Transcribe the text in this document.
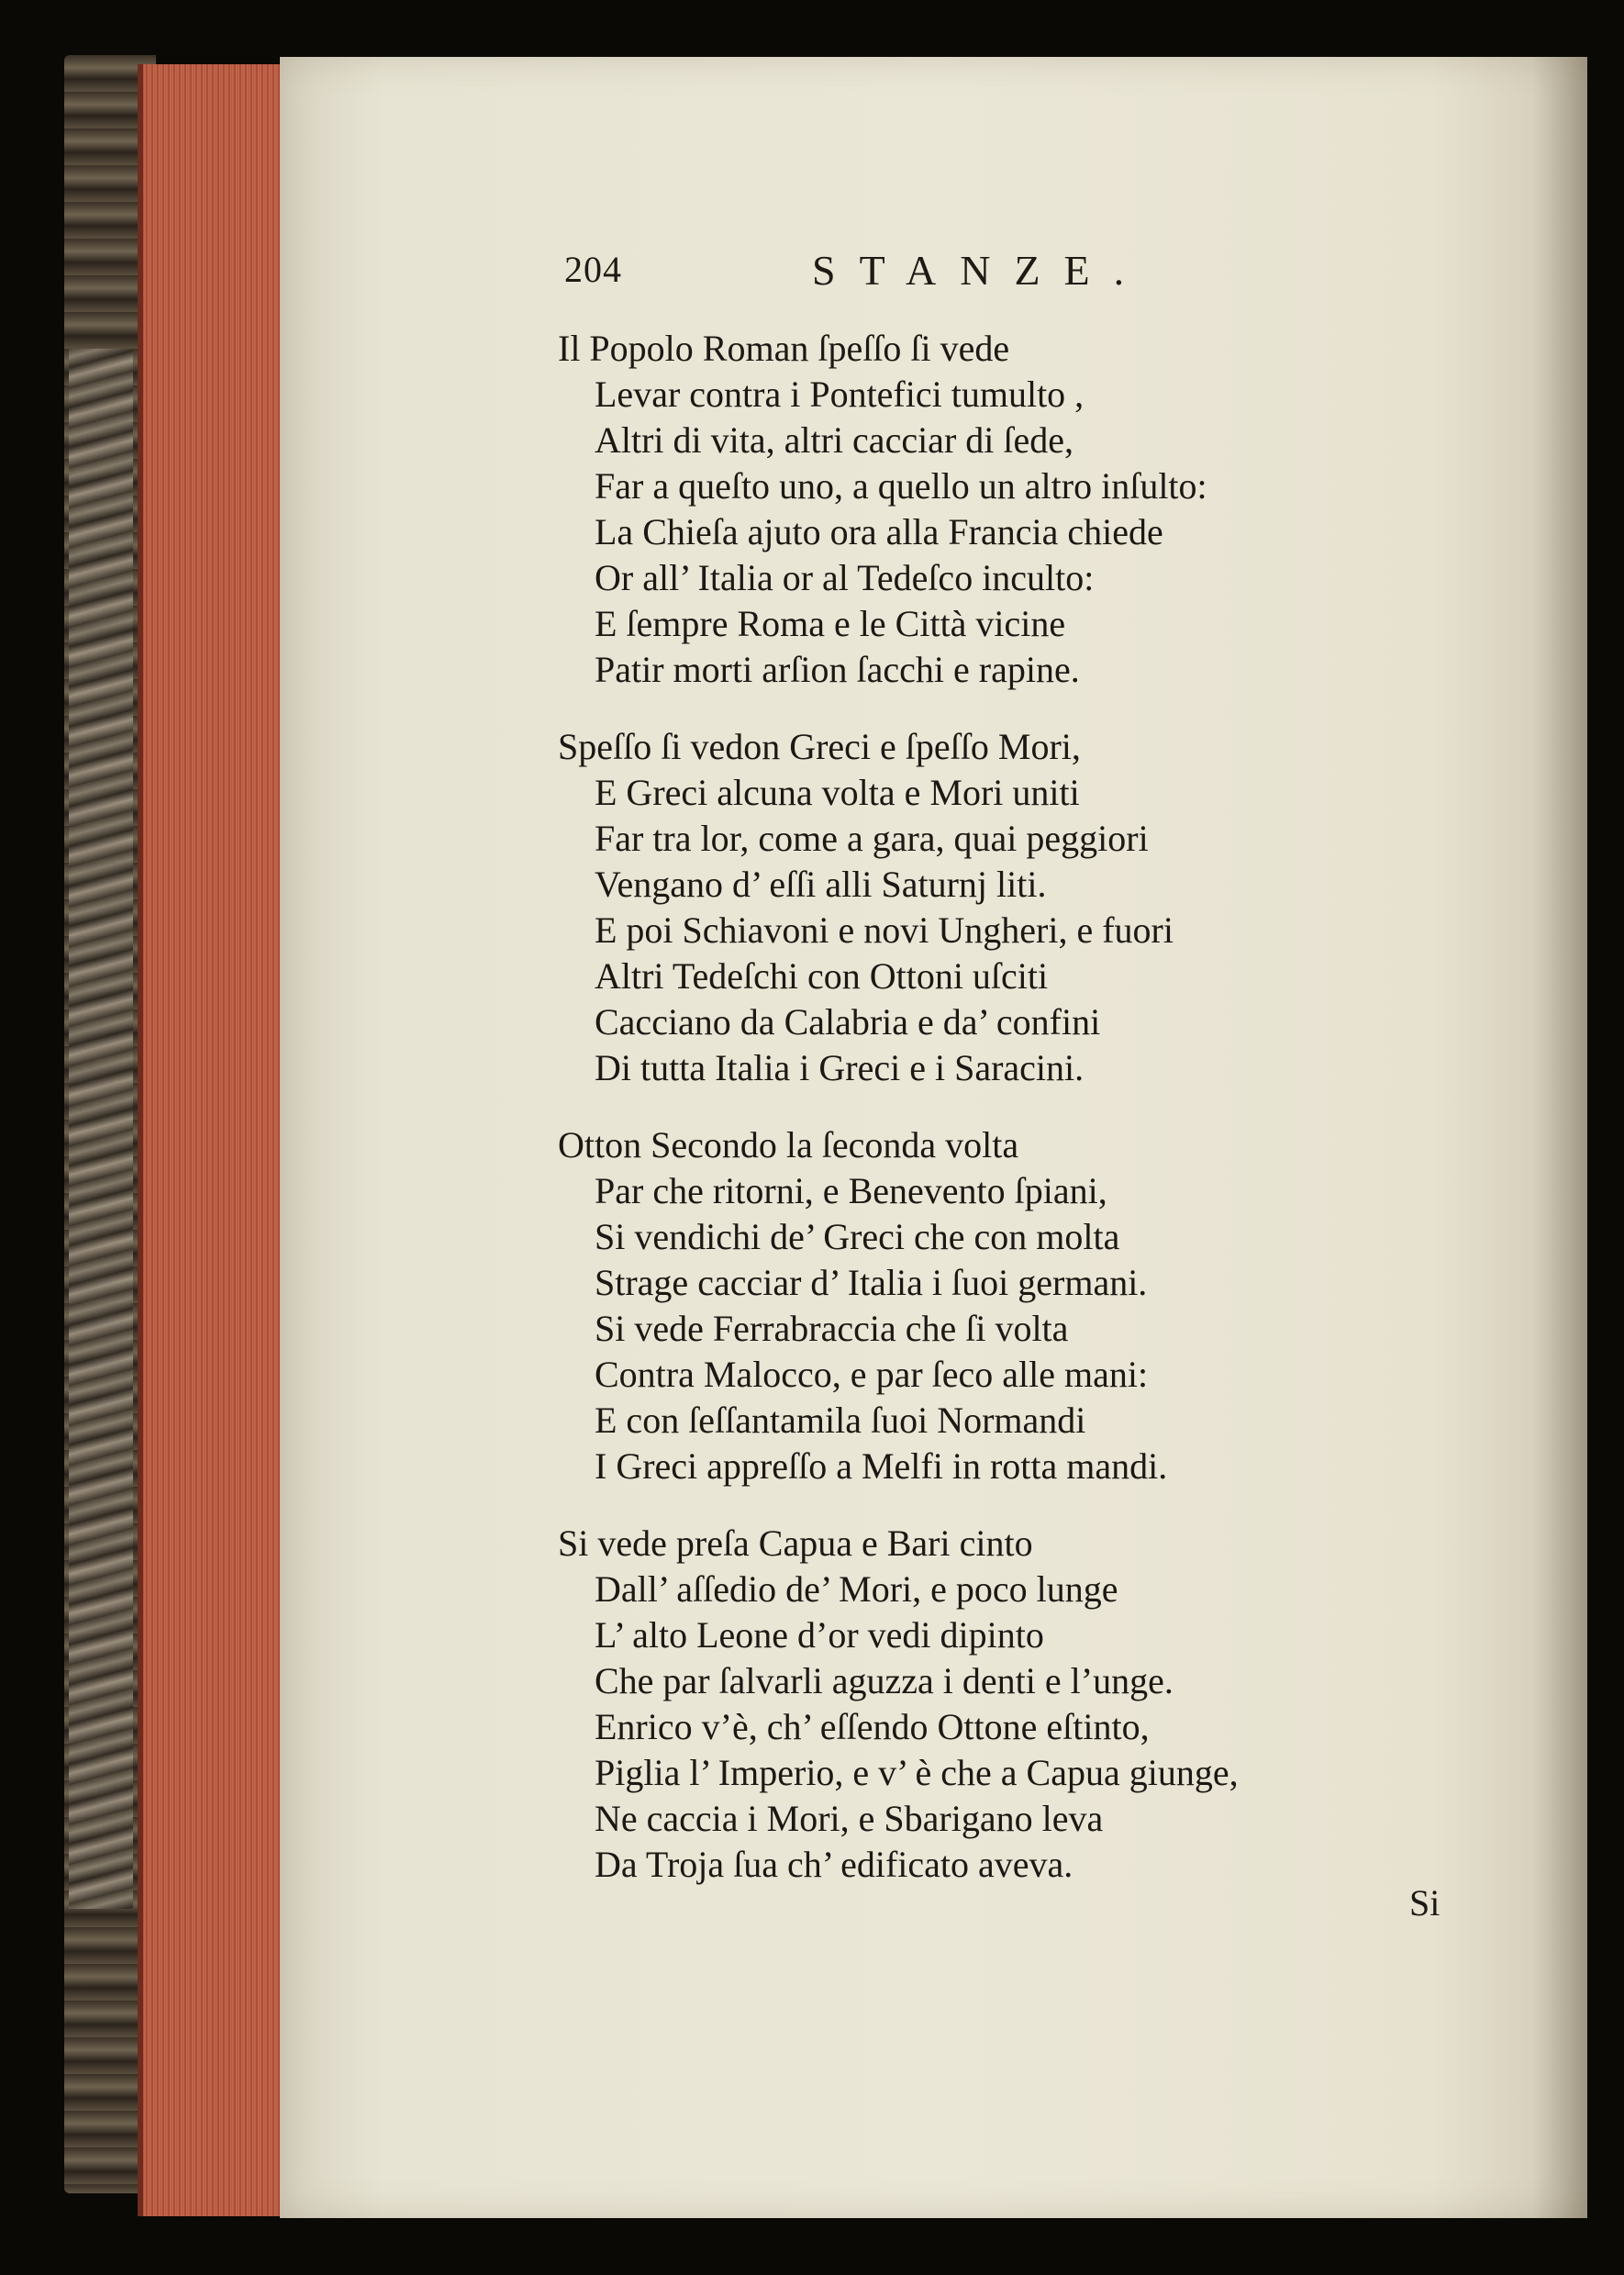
204	STANZE.
Il Popolo Roman ſpeſſo ſi vede
Levar contra i Pontefici tumulto ,
Altri di vita, altri cacciar di ſede,
Far a queſto uno, a quello un altro inſulto:
La Chieſa ajuto ora alla Francia chiede
Or all’ Italia or al Tedeſco inculto:
E ſempre Roma e le Città vicine
Patir morti arſion ſacchi e rapine.
Speſſo ſi vedon Greci e ſpeſſo Mori,
E Greci alcuna volta e Mori uniti
Far tra lor, come a gara, quai peggiori
Vengano d’ eſſi alli Saturnj liti.
E poi Schiavoni e novi Ungheri, e fuori
Altri Tedeſchi con Ottoni uſciti
Cacciano da Calabria e da’ confini
Di tutta Italia i Greci e i Saracini.
Otton Secondo la ſeconda volta
Par che ritorni, e Benevento ſpiani,
Si vendichi de’ Greci che con molta
Strage cacciar d’ Italia i ſuoi germani.
Si vede Ferrabraccia che ſi volta
Contra Malocco, e par ſeco alle mani:
E con ſeſſantamila ſuoi Normandi
I Greci appreſſo a Melfi in rotta mandi.
Si vede preſa Capua e Bari cinto
Dall’ aſſedio de’ Mori, e poco lunge
L’ alto Leone d’or vedi dipinto
Che par ſalvarli aguzza i denti e l’unge.
Enrico v’è, ch’ eſſendo Ottone eſtinto,
Piglia l’ Imperio, e v’ è che a Capua giunge,
Ne caccia i Mori, e Sbarigano leva
Da Troja ſua ch’ edificato aveva.
Si
